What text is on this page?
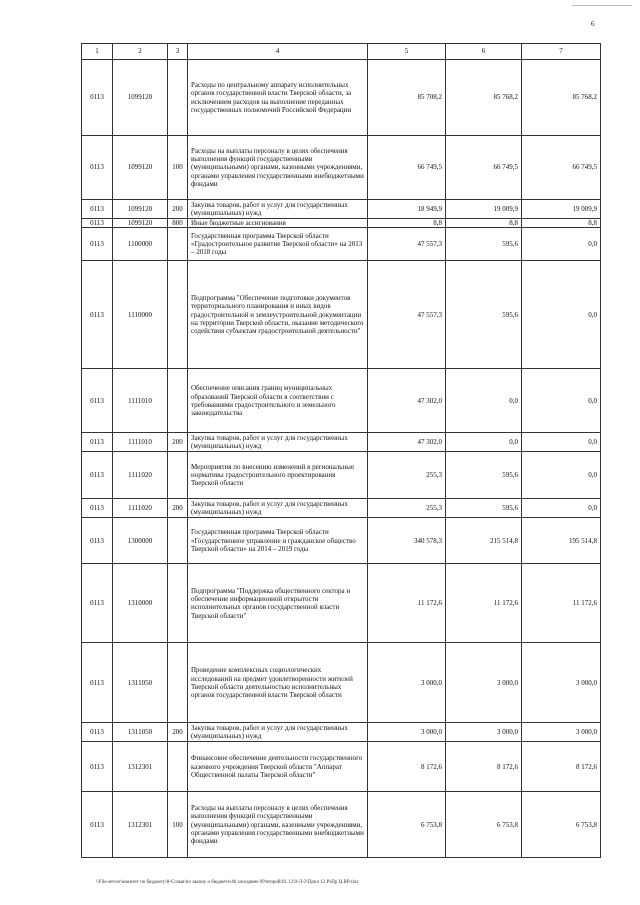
6
1	2	3	4	5	6	7
0113	1099120		Расходы по центральному аппарату исполнительных органов государственной власти Тверской области, за исключением расходов на выполнение переданных государственных полномочий Российской Федерации	85 708,2	85 768,2	85 768,2
0113	1099120	100	Расходы на выплаты персоналу в целях обеспечения выполнения функций государственными (муниципальными) органами, казенными учреждениями, органами управления государственными внебюджетными фондами	66 749,5	66 749,5	66 749,5
0113	1099120	200	Закупка товаров, работ и услуг для государственных (муниципальных) нужд	18 949,9	19 009,9	19 009,9
0113	1099120	800	Иные бюджетные ассигнования	8,8	8,8	8,8
0113	1100000		Государственная программа Тверской области «Градостроительное развитие Тверской области» на 2013 – 2018 годы	47 557,3	595,6	0,0
0113	1110000		Подпрограмма "Обеспечение подготовки документов территориального планирования и иных видов градостроительной и землеустроительной документации на территории Тверской области, оказание методического содействия субъектам градостроительной деятельности"	47 557,3	595,6	0,0
0113	1111010		Обеспечение описания границ муниципальных образований Тверской области в соответствии с требованиями градостроительного и земельного законодательства	47 302,0	0,0	0,0
0113	1111010	200	Закупка товаров, работ и услуг для государственных (муниципальных) нужд	47 302,0	0,0	0,0
0113	1111020		Мероприятия по внесению изменений в региональные нормативы градостроительного проектирования Тверской области	255,3	595,6	0,0
0113	1111020	200	Закупка товаров, работ и услуг для государственных (муниципальных) нужд	255,3	595,6	0,0
0113	1300000		Государственная программа Тверской области «Государственное управление и гражданское общество Тверской области» на 2014 – 2019 годы	340 578,3	215 514,8	195 514,8
0113	1310000		Подпрограмма "Поддержка общественного сектора и обеспечение информационной открытости исполнительных органов государственной власти Тверской области"	11 172,6	11 172,6	11 172,6
0113	1311050		Проведение комплексных социологических исследований на предмет удовлетворенности жителей Тверской области деятельностью исполнительных органов государственной власти Тверской области	3 000,0	3 000,0	3 000,0
0113	1311050	200	Закупка товаров, работ и услуг для государственных (муниципальных) нужд	3 000,0	3 000,0	3 000,0
0113	1312301		Финансовое обеспечение деятельности государственного казенного учреждения Тверской области "Аппарат Общественной палаты Тверской области"	8 172,6	8 172,6	8 172,6
0113	1312301	100	Расходы на выплаты персоналу в целях обеспечения выполнения функций государственными (муниципальными) органами, казенными учреждениями, органами управления государственными внебюджетными фондами	6 753,8	6 753,8	6 753,8
\\File-server\комитет по бюджету\8-Созыв\по закону о бюджете\46 заседание 09\второй\01.12\9-Л-3\Прил 12 РзПр Ц.ВР.xlsx
